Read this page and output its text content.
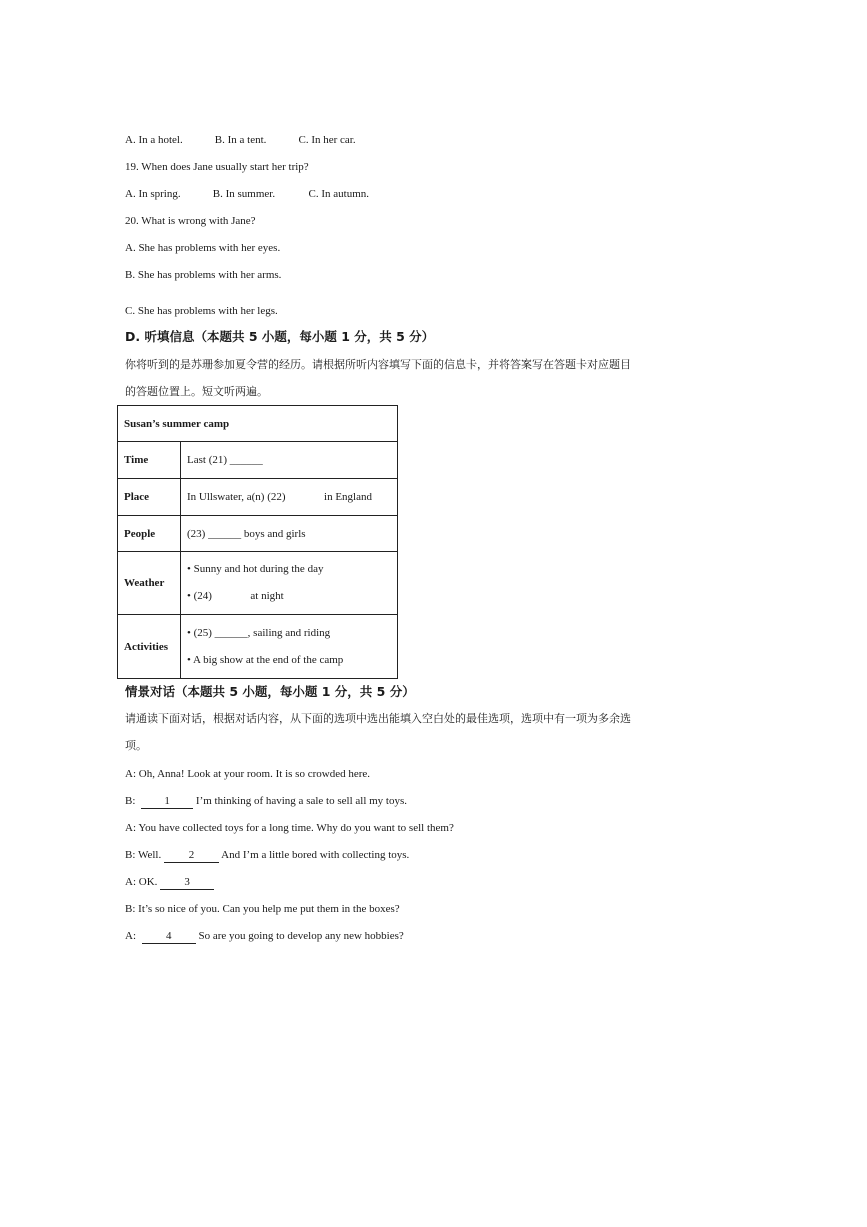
A. In a hotel.	B. In a tent.	C. In her car.
19. When does Jane usually start her trip?
A. In spring.	B. In summer.	C. In autumn.
20. What is wrong with Jane?
A. She has problems with her eyes.
B. She has problems with her arms.
C. She has problems with her legs.
D. 听填信息（本题共 5 小题，每小题 1 分，共 5 分）
你将听到的是苏珊参加夏令营的经历。请根据所听内容填写下面的信息卡，并将答案写在答题卡对应题目
的答题位置上。短文听两遍。
Susan’s summer camp	
Time	Last (21) ______
Place	In Ullswater, a(n) (22)              in England
People	(23) ______ boys and girls
Weather	• Sunny and hot during the day
• (24)              at night

Activities	• (25) ______, sailing and riding
• A big show at the end of the camp
情景对话（本题共 5 小题，每小题 1 分，共 5 分）
请通读下面对话，根据对话内容，从下面的选项中选出能填入空白处的最佳选项，选项中有一项为多余选
项。
A: Oh, Anna! Look at your room. It is so crowded here.
B:	1 I’m thinking of having a sale to sell all my toys.
A: You have collected toys for a long time. Why do you want to sell them?
B: Well.	2 And I’m a little bored with collecting toys.
A: OK. 3
B: It’s so nice of you. Can you help me put them in the boxes?
A:	4 So are you going to develop any new hobbies?
